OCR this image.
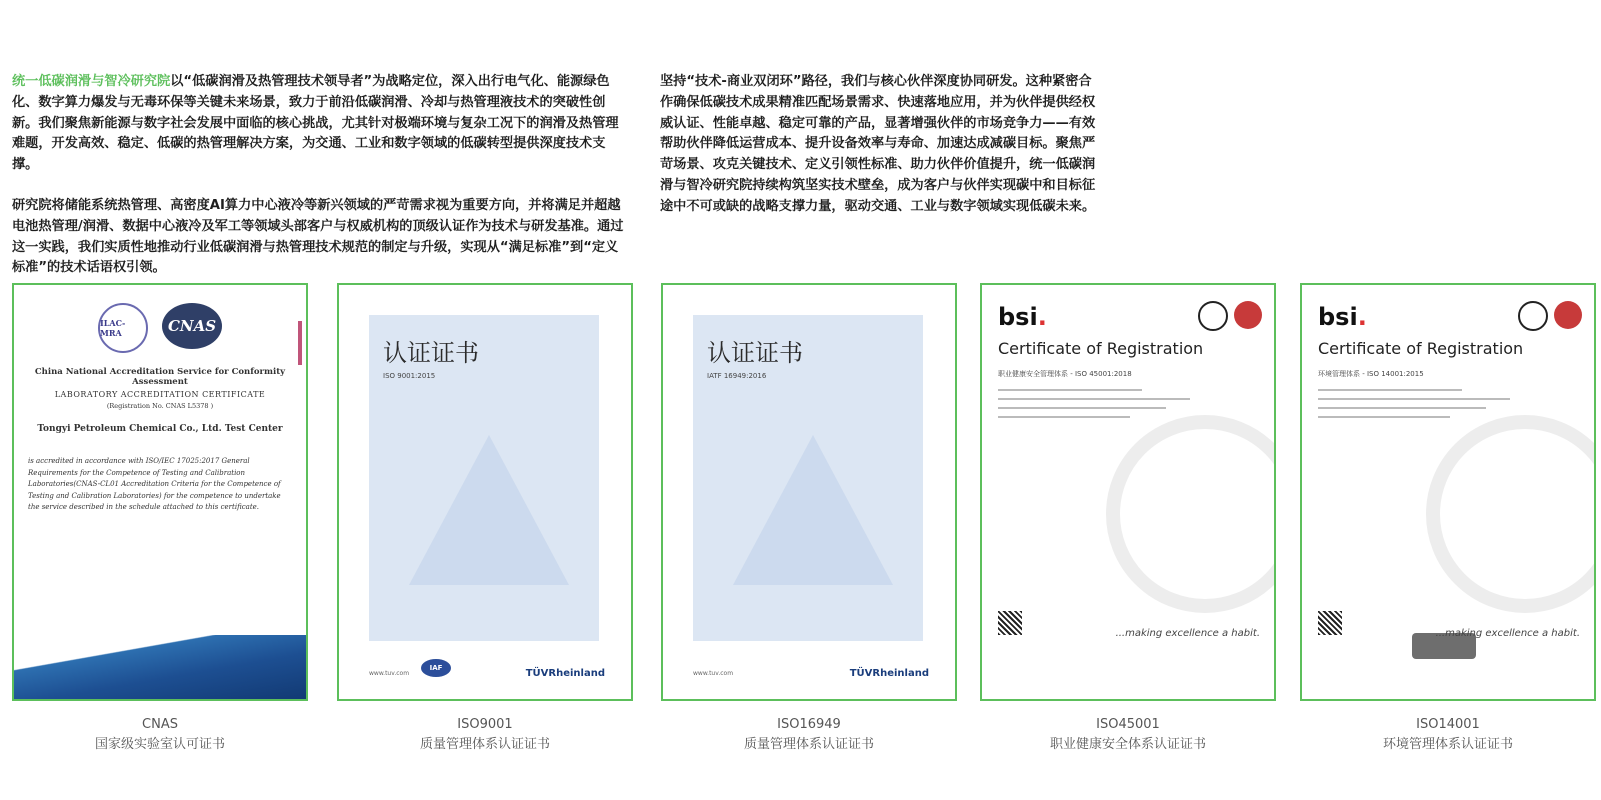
统一低碳润滑与智冷研究院以“低碳润滑及热管理技术领导者”为战略定位，深入出行电气化、能源绿色化、数字算力爆发与无毒环保等关键未来场景，致力于前沿低碳润滑、冷却与热管理液技术的突破性创新。我们聚焦新能源与数字社会发展中面临的核心挑战，尤其针对极端环境与复杂工况下的润滑及热管理难题，开发高效、稳定、低碳的热管理解决方案，为交通、工业和数字领域的低碳转型提供深度技术支撑。

研究院将储能系统热管理、高密度AI算力中心液冷等新兴领域的严苛需求视为重要方向，并将满足并超越电池热管理/润滑、数据中心液冷及军工等领域头部客户与权威机构的顶级认证作为技术与研发基准。通过这一实践，我们实质性地推动行业低碳润滑与热管理技术规范的制定与升级，实现从“满足标准”到“定义标准”的技术话语权引领。

坚持“技术-商业双闭环”路径，我们与核心伙伴深度协同研发。这种紧密合作确保低碳技术成果精准匹配场景需求、快速落地应用，并为伙伴提供经权威认证、性能卓越、稳定可靠的产品，显著增强伙伴的市场竞争力——有效帮助伙伴降低运营成本、提升设备效率与寿命、加速达成减碳目标。聚焦严苛场景、攻克关键技术、定义引领性标准、助力伙伴价值提升，统一低碳润滑与智冷研究院持续构筑坚实技术壁垒，成为客户与伙伴实现碳中和目标征途中不可或缺的战略支撑力量，驱动交通、工业与数字领域实现低碳未来。

ILAC-MRA	CNAS
China National Accreditation Service for Conformity Assessment
LABORATORY ACCREDITATION CERTIFICATE
(Registration No. CNAS L5378 )
Tongyi Petroleum Chemical Co., Ltd. Test Center
is accredited in accordance with ISO/IEC 17025:2017 General Requirements for the Competence of Testing and Calibration Laboratories(CNAS-CL01 Accreditation Criteria for the Competence of Testing and Calibration Laboratories) for the competence to undertake the service described in the schedule attached to this certificate.
CNAS
国家级实验室认可证书
认证证书
ISO 9001:2015
www.tuv.com
IAF	TÜVRheinland
ISO9001
质量管理体系认证证书
认证证书
IATF 16949:2016
www.tuv.com	TÜVRheinland
ISO16949
质量管理体系认证证书
bsi.
Certificate of Registration
职业健康安全管理体系 - ISO 45001:2018
...making excellence a habit.
ISO45001
职业健康安全体系认证证书
bsi.
Certificate of Registration
环境管理体系 - ISO 14001:2015
...making excellence a habit.
ISO14001
环境管理体系认证证书
